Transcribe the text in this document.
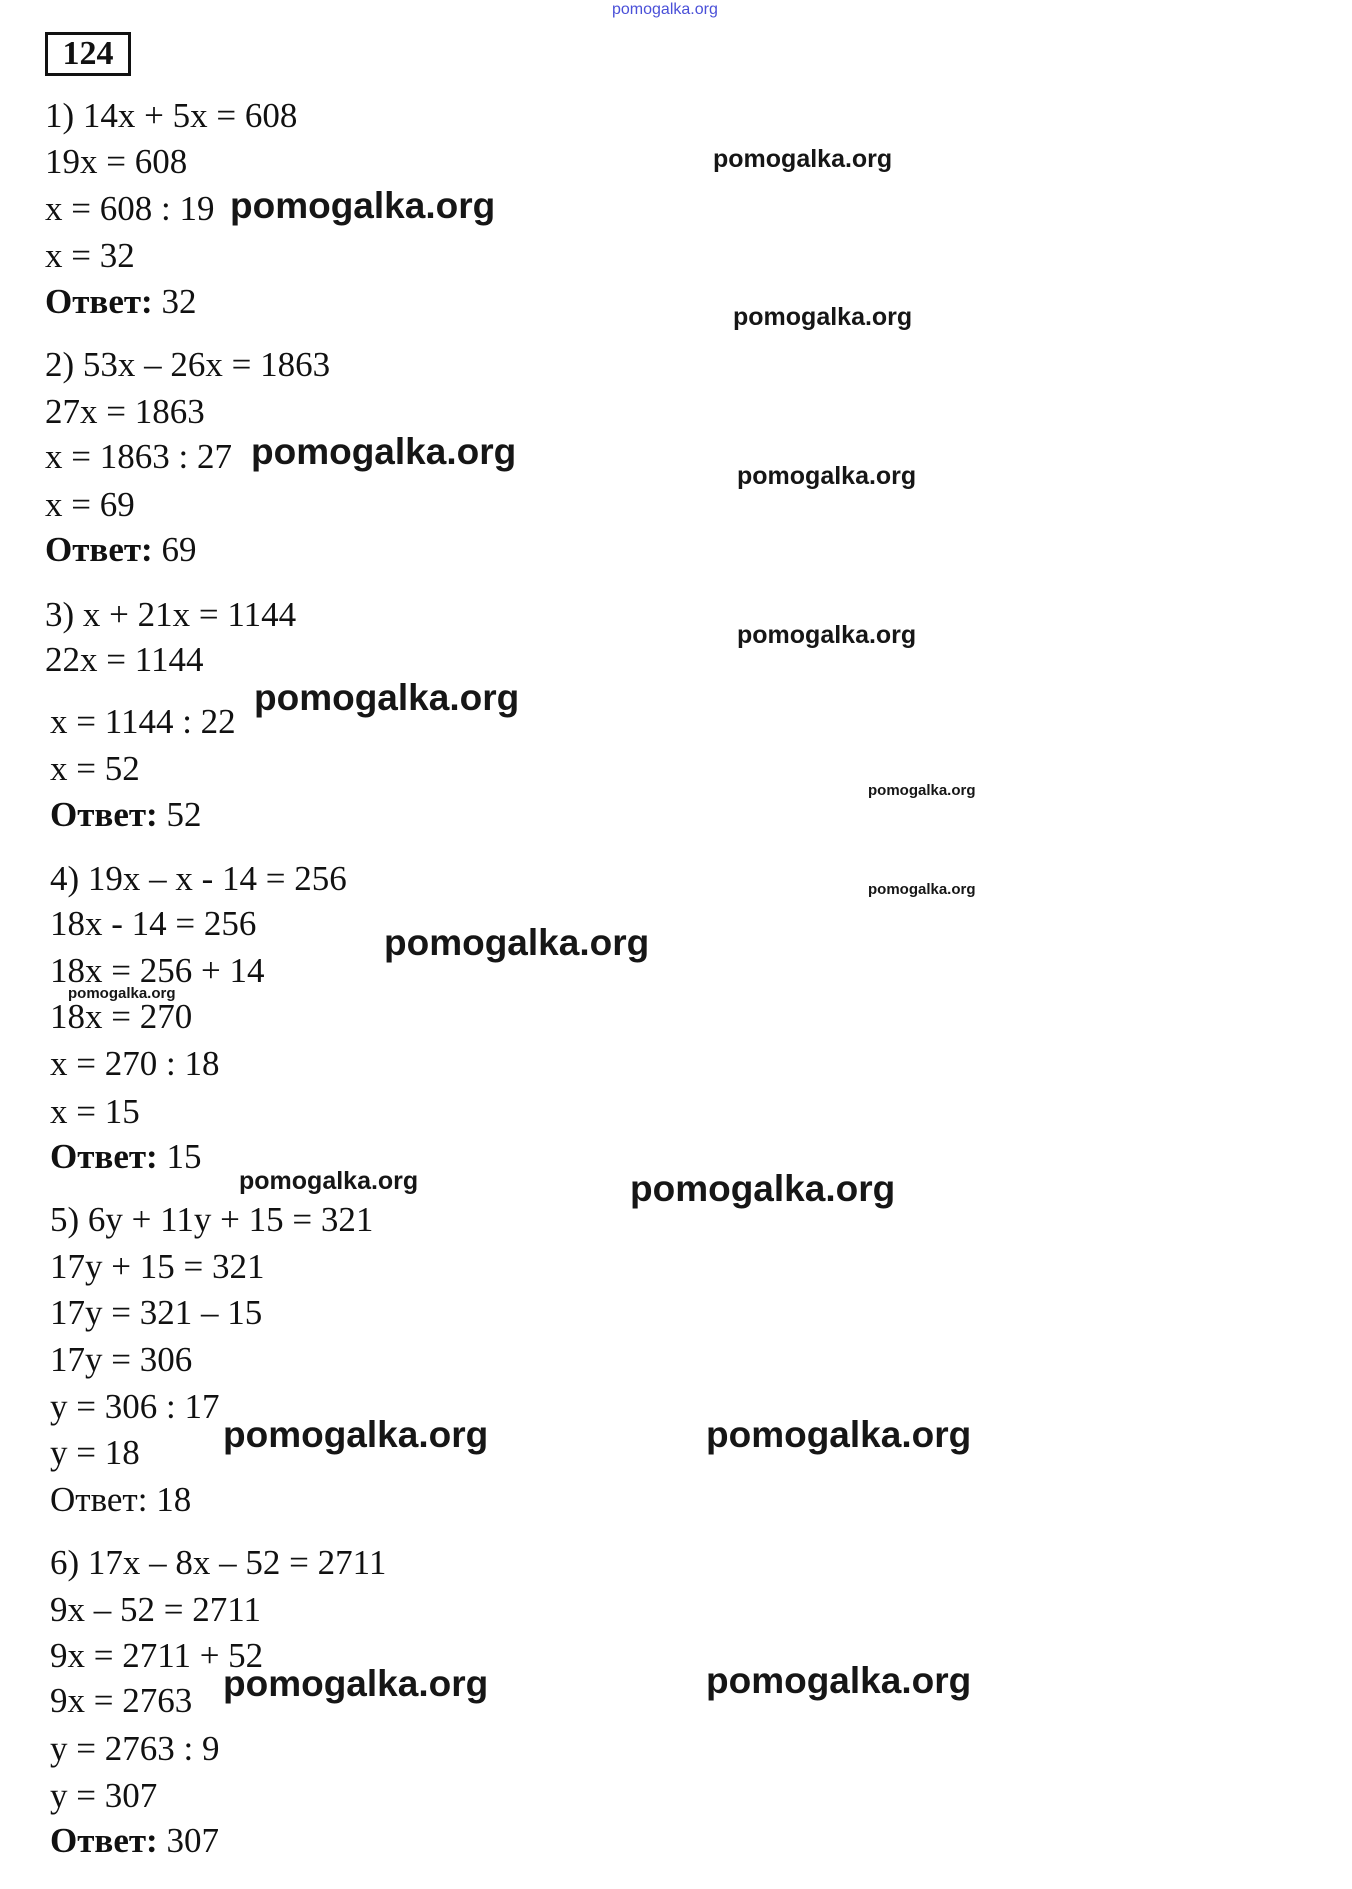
pomogalka.org
124
1) 14x + 5x = 608
19x = 608
x = 608 : 19
x = 32
Ответ: 32
2) 53x – 26x = 1863
27x = 1863
x = 1863 : 27
x = 69
Ответ: 69
3) x + 21x = 1144
22x = 1144
x = 1144 : 22
x = 52
Ответ: 52
4) 19x – x - 14 = 256
18x - 14 = 256
18x = 256 + 14
18x = 270
x = 270 : 18
x = 15
Ответ: 15
5) 6y + 11y + 15 = 321
17y + 15 = 321
17y = 321 – 15
17y = 306
y = 306 : 17
y = 18
Ответ: 18
6) 17x – 8x – 52 = 2711
9x – 52 = 2711
9x = 2711 + 52
9x = 2763
y = 2763 : 9
y = 307
Ответ: 307
pomogalka.org
pomogalka.org
pomogalka.org
pomogalka.org
pomogalka.org
pomogalka.org
pomogalka.org
pomogalka.org
pomogalka.org
pomogalka.org
pomogalka.org
pomogalka.org	pomogalka.org
pomogalka.org	pomogalka.org
pomogalka.org	pomogalka.org
